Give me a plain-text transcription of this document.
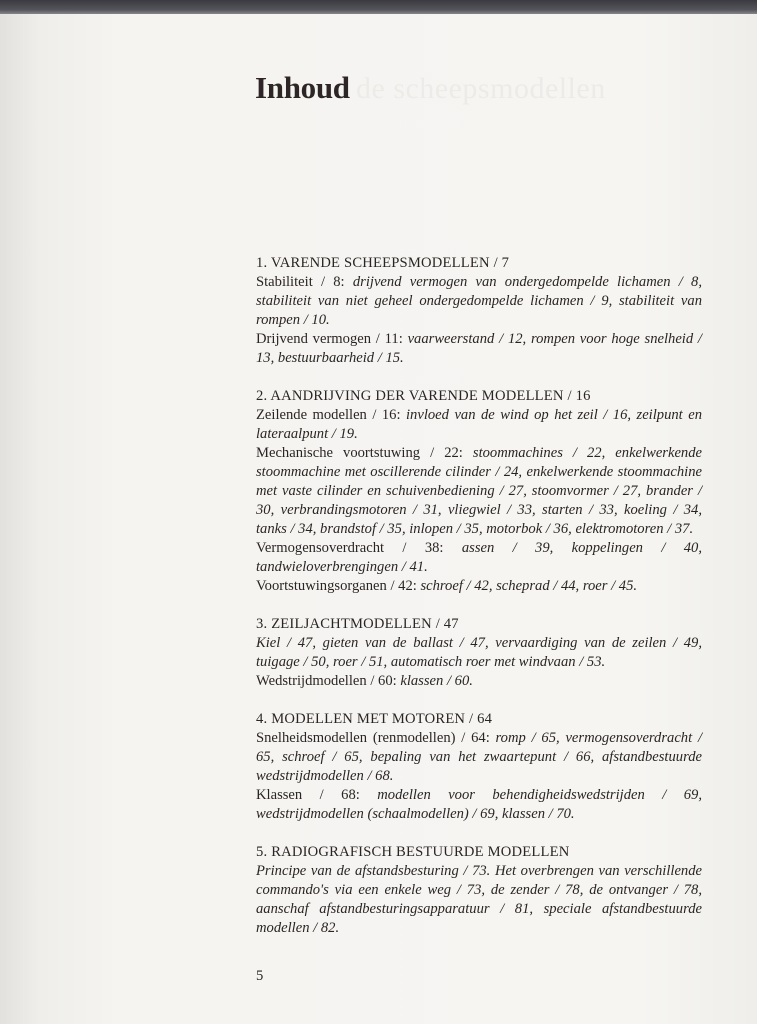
de scheepsmodellen
Inhoud
1. VARENDE SCHEEPSMODELLEN / 7

Stabiliteit / 8: drijvend vermogen van ondergedompelde lichamen / 8, stabiliteit van niet geheel ondergedompelde lichamen / 9, stabiliteit van rompen / 10.

Drijvend vermogen / 11: vaarweerstand / 12, rompen voor hoge snelheid / 13, bestuurbaarheid / 15.

2. AANDRIJVING DER VARENDE MODELLEN / 16

Zeilende modellen / 16: invloed van de wind op het zeil / 16, zeilpunt en lateraalpunt / 19.

Mechanische voortstuwing / 22: stoommachines / 22, enkelwerkende stoommachine met oscillerende cilinder / 24, enkelwerkende stoommachine met vaste cilinder en schuivenbediening / 27, stoomvormer / 27, brander / 30, verbrandingsmotoren / 31, vliegwiel / 33, starten / 33, koeling / 34, tanks / 34, brandstof / 35, inlopen / 35, motorbok / 36, elektromotoren / 37.

Vermogensoverdracht / 38: assen / 39, koppelingen / 40, tandwieloverbrengingen / 41.

Voortstuwingsorganen / 42: schroef / 42, scheprad / 44, roer / 45.

3. ZEILJACHTMODELLEN / 47

Kiel / 47, gieten van de ballast / 47, vervaardiging van de zeilen / 49, tuigage / 50, roer / 51, automatisch roer met windvaan / 53.

Wedstrijdmodellen / 60: klassen / 60.

4. MODELLEN MET MOTOREN / 64

Snelheidsmodellen (renmodellen) / 64: romp / 65, vermogensoverdracht / 65, schroef / 65, bepaling van het zwaartepunt / 66, afstandbestuurde wedstrijdmodellen / 68.

Klassen / 68: modellen voor behendigheidswedstrijden / 69, wedstrijdmodellen (schaalmodellen) / 69, klassen / 70.

5. RADIOGRAFISCH BESTUURDE MODELLEN

Principe van de afstandsbesturing / 73. Het overbrengen van verschillende commando's via een enkele weg / 73, de zender / 78, de ontvanger / 78, aanschaf afstandbesturingsapparatuur / 81, speciale afstandbestuurde modellen / 82.

5
